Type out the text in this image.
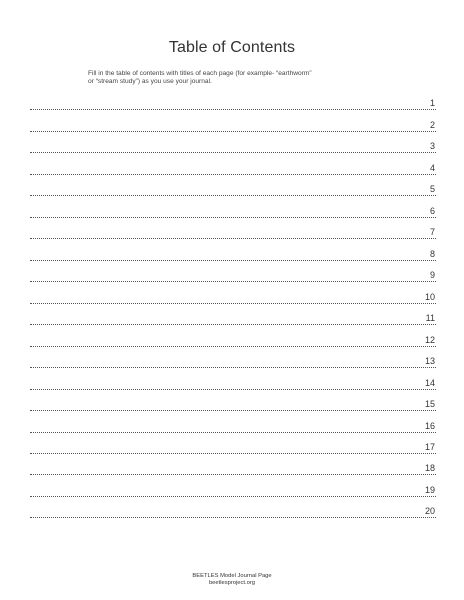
Table of Contents

Fill in the table of contents with titles of each page (for example- “earthworm”
or “stream study”) as you use your journal.

1
2
3
4
5
6
7
8
9
10
11
12
13
14
15
16
17
18
19
20
BEETLES Model Journal Page
beetlesproject.org
